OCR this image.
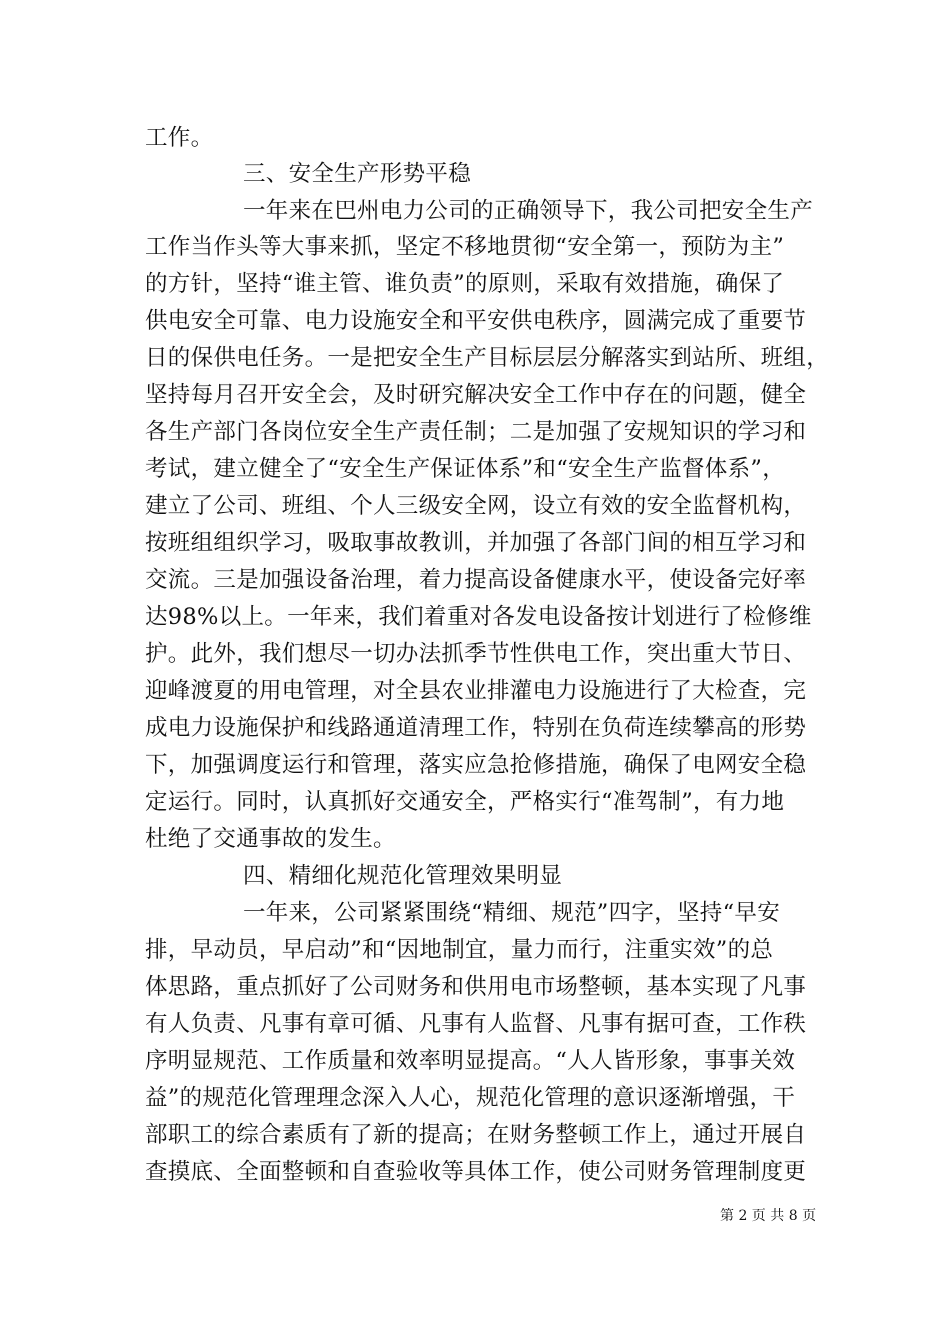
工作。
三、安全生产形势平稳
一年来在巴州电力公司的正确领导下，我公司把安全生产
工作当作头等大事来抓，坚定不移地贯彻“安全第一，预防为主”
的方针，坚持“谁主管、谁负责”的原则，采取有效措施，确保了
供电安全可靠、电力设施安全和平安供电秩序，圆满完成了重要节
日的保供电任务。一是把安全生产目标层层分解落实到站所、班组，
坚持每月召开安全会，及时研究解决安全工作中存在的问题，健全
各生产部门各岗位安全生产责任制；二是加强了安规知识的学习和
考试，建立健全了“安全生产保证体系”和“安全生产监督体系”，
建立了公司、班组、个人三级安全网，设立有效的安全监督机构，
按班组组织学习，吸取事故教训，并加强了各部门间的相互学习和
交流。三是加强设备治理，着力提高设备健康水平，使设备完好率
达98%以上。一年来，我们着重对各发电设备按计划进行了检修维
护。此外，我们想尽一切办法抓季节性供电工作，突出重大节日、
迎峰渡夏的用电管理，对全县农业排灌电力设施进行了大检查，完
成电力设施保护和线路通道清理工作，特别在负荷连续攀高的形势
下，加强调度运行和管理，落实应急抢修措施，确保了电网安全稳
定运行。同时，认真抓好交通安全，严格实行“准驾制”，有力地
杜绝了交通事故的发生。
四、精细化规范化管理效果明显
一年来，公司紧紧围绕“精细、规范”四字，坚持“早安
排，早动员，早启动”和“因地制宜，量力而行，注重实效”的总
体思路，重点抓好了公司财务和供用电市场整顿，基本实现了凡事
有人负责、凡事有章可循、凡事有人监督、凡事有据可查，工作秩
序明显规范、工作质量和效率明显提高。“人人皆形象，事事关效
益”的规范化管理理念深入人心，规范化管理的意识逐渐增强，干
部职工的综合素质有了新的提高；在财务整顿工作上，通过开展自
查摸底、全面整顿和自查验收等具体工作，使公司财务管理制度更
第 2 页 共 8 页
